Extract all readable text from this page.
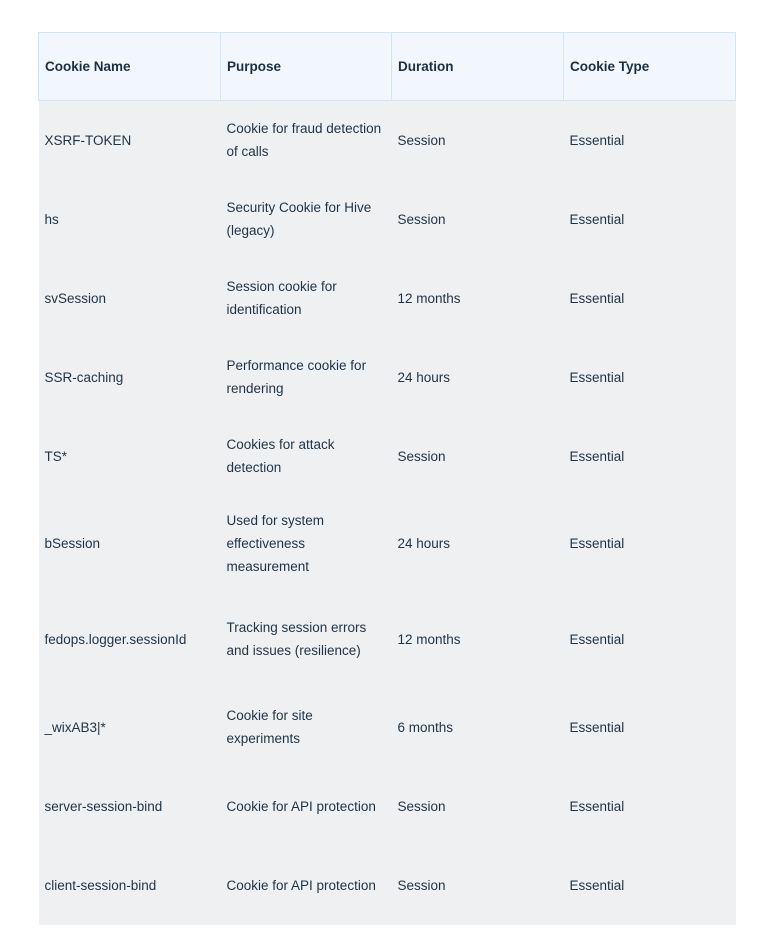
Cookie Name	Purpose	Duration	Cookie Type
XSRF-TOKEN	Cookie for fraud detection of calls	Session	Essential
hs	Security Cookie for Hive (legacy)	Session	Essential
svSession	Session cookie for identification	12 months	Essential
SSR-caching	Performance cookie for rendering	24 hours	Essential
TS*	Cookies for attack detection	Session	Essential
bSession	Used for system effectiveness measurement	24 hours	Essential
fedops.logger.sessionId	Tracking session errors and issues (resilience)	12 months	Essential
_wixAB3|*	Cookie for site experiments	6 months	Essential
server-session-bind	Cookie for API protection	Session	Essential
client-session-bind	Cookie for API protection	Session	Essential
